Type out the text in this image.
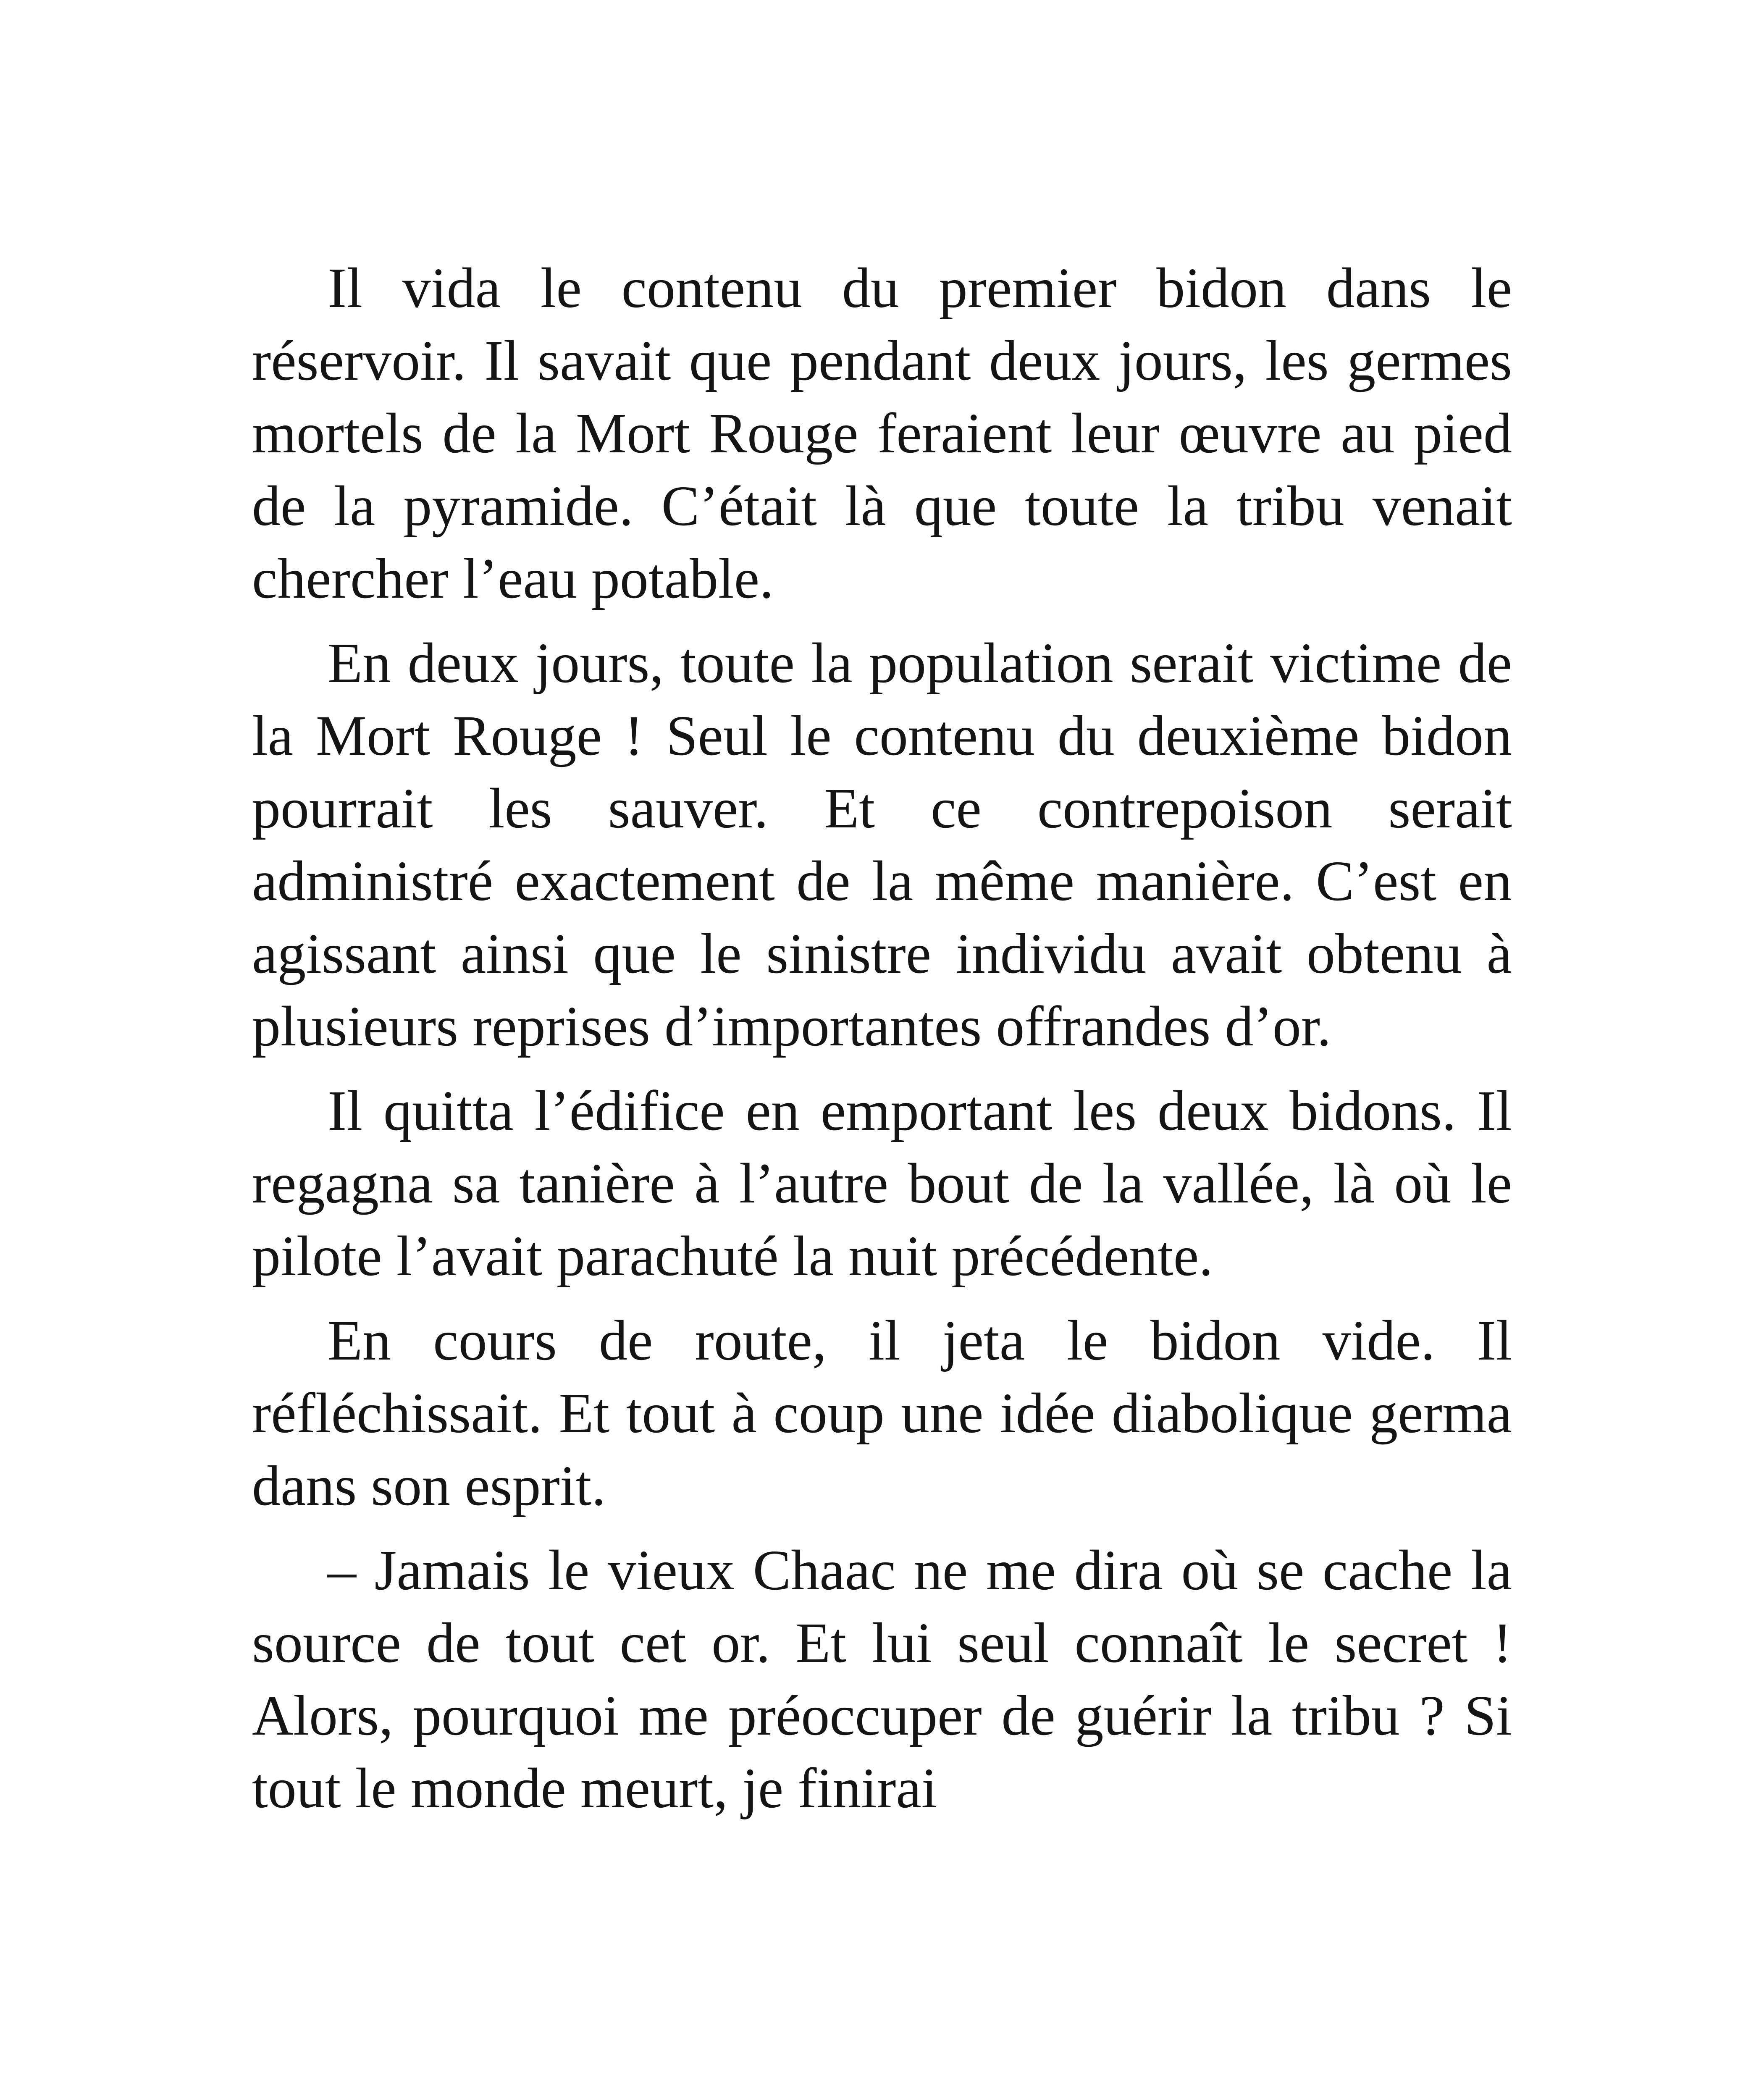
Il vida le contenu du premier bidon dans le réservoir. Il savait que pendant deux jours, les germes mortels de la Mort Rouge feraient leur œuvre au pied de la pyramide. C’était là que toute la tribu venait chercher l’eau potable.

En deux jours, toute la population serait victime de la Mort Rouge ! Seul le contenu du deuxième bidon pourrait les sauver. Et ce contrepoison serait administré exactement de la même manière. C’est en agissant ainsi que le sinistre individu avait obtenu à plusieurs reprises d’importantes offrandes d’or.

Il quitta l’édifice en emportant les deux bidons. Il regagna sa tanière à l’autre bout de la vallée, là où le pilote l’avait parachuté la nuit précédente.

En cours de route, il jeta le bidon vide. Il réfléchissait. Et tout à coup une idée diabolique germa dans son esprit.

– Jamais le vieux Chaac ne me dira où se cache la source de tout cet or. Et lui seul connaît le secret ! Alors, pourquoi me préoccuper de guérir la tribu ? Si tout le monde meurt, je finirai
